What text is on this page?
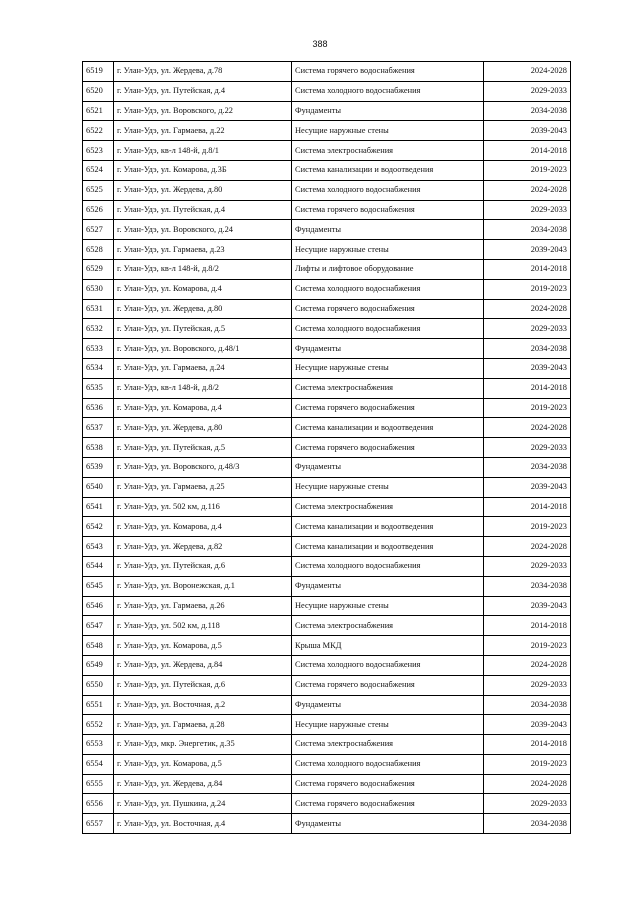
388
6519	г. Улан-Удэ, ул. Жердева, д.78	Система горячего водоснабжения	2024-2028
6520	г. Улан-Удэ, ул. Путейская, д.4	Система холодного водоснабжения	2029-2033
6521	г. Улан-Удэ, ул. Воровского, д.22	Фундаменты	2034-2038
6522	г. Улан-Удэ, ул. Гармаева, д.22	Несущие наружные стены	2039-2043
6523	г. Улан-Удэ, кв-л 148-й, д.8/1	Система электроснабжения	2014-2018
6524	г. Улан-Удэ, ул. Комарова, д.3Б	Система канализации и водоотведения	2019-2023
6525	г. Улан-Удэ, ул. Жердева, д.80	Система холодного водоснабжения	2024-2028
6526	г. Улан-Удэ, ул. Путейская, д.4	Система горячего водоснабжения	2029-2033
6527	г. Улан-Удэ, ул. Воровского, д.24	Фундаменты	2034-2038
6528	г. Улан-Удэ, ул. Гармаева, д.23	Несущие наружные стены	2039-2043
6529	г. Улан-Удэ, кв-л 148-й, д.8/2	Лифты и лифтовое оборудование	2014-2018
6530	г. Улан-Удэ, ул. Комарова, д.4	Система холодного водоснабжения	2019-2023
6531	г. Улан-Удэ, ул. Жердева, д.80	Система горячего водоснабжения	2024-2028
6532	г. Улан-Удэ, ул. Путейская, д.5	Система холодного водоснабжения	2029-2033
6533	г. Улан-Удэ, ул. Воровского, д.48/1	Фундаменты	2034-2038
6534	г. Улан-Удэ, ул. Гармаева, д.24	Несущие наружные стены	2039-2043
6535	г. Улан-Удэ, кв-л 148-й, д.8/2	Система электроснабжения	2014-2018
6536	г. Улан-Удэ, ул. Комарова, д.4	Система горячего водоснабжения	2019-2023
6537	г. Улан-Удэ, ул. Жердева, д.80	Система канализации и водоотведения	2024-2028
6538	г. Улан-Удэ, ул. Путейская, д.5	Система горячего водоснабжения	2029-2033
6539	г. Улан-Удэ, ул. Воровского, д.48/3	Фундаменты	2034-2038
6540	г. Улан-Удэ, ул. Гармаева, д.25	Несущие наружные стены	2039-2043
6541	г. Улан-Удэ, ул. 502 км, д.116	Система электроснабжения	2014-2018
6542	г. Улан-Удэ, ул. Комарова, д.4	Система канализации и водоотведения	2019-2023
6543	г. Улан-Удэ, ул. Жердева, д.82	Система канализации и водоотведения	2024-2028
6544	г. Улан-Удэ, ул. Путейская, д.6	Система холодного водоснабжения	2029-2033
6545	г. Улан-Удэ, ул. Воронежская, д.1	Фундаменты	2034-2038
6546	г. Улан-Удэ, ул. Гармаева, д.26	Несущие наружные стены	2039-2043
6547	г. Улан-Удэ, ул. 502 км, д.118	Система электроснабжения	2014-2018
6548	г. Улан-Удэ, ул. Комарова, д.5	Крыша МКД	2019-2023
6549	г. Улан-Удэ, ул. Жердева, д.84	Система холодного водоснабжения	2024-2028
6550	г. Улан-Удэ, ул. Путейская, д.6	Система горячего водоснабжения	2029-2033
6551	г. Улан-Удэ, ул. Восточная, д.2	Фундаменты	2034-2038
6552	г. Улан-Удэ, ул. Гармаева, д.28	Несущие наружные стены	2039-2043
6553	г. Улан-Удэ, мкр. Энергетик, д.35	Система электроснабжения	2014-2018
6554	г. Улан-Удэ, ул. Комарова, д.5	Система холодного водоснабжения	2019-2023
6555	г. Улан-Удэ, ул. Жердева, д.84	Система горячего водоснабжения	2024-2028
6556	г. Улан-Удэ, ул. Пушкина, д.24	Система горячего водоснабжения	2029-2033
6557	г. Улан-Удэ, ул. Восточная, д.4	Фундаменты	2034-2038
